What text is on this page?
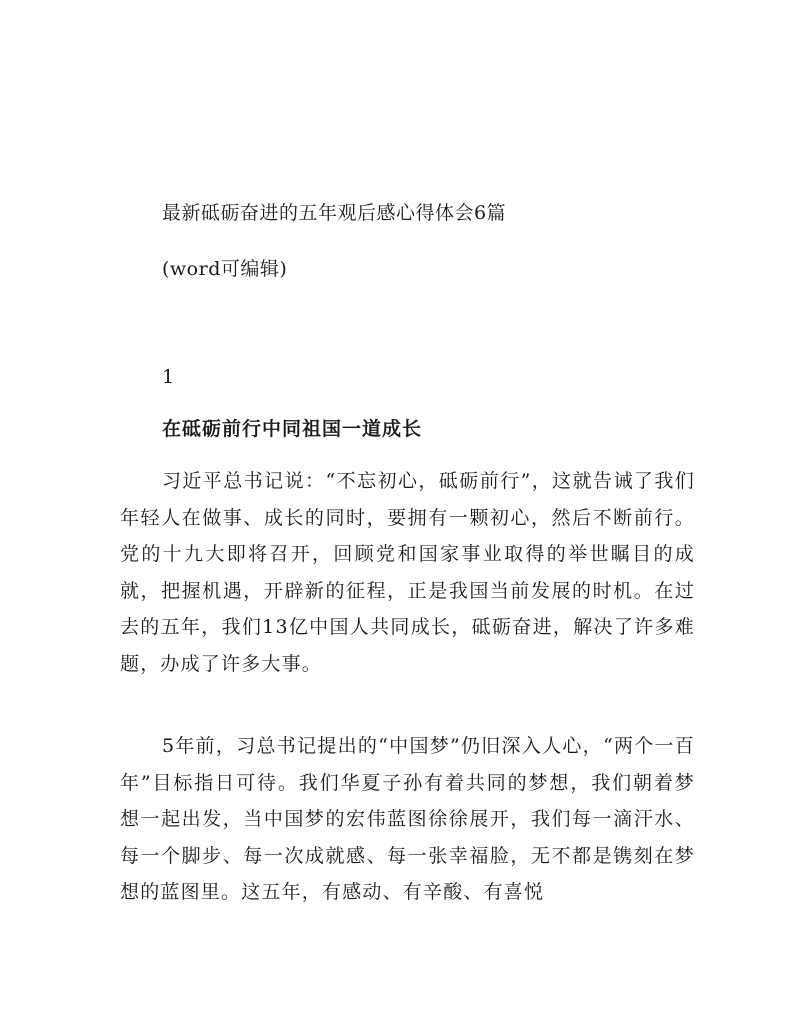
最新砥砺奋进的五年观后感心得体会6篇
(word可编辑)
1
在砥砺前行中同祖国一道成长

习近平总书记说：“不忘初心，砥砺前行”，这就告诫了我们年轻人在做事、成长的同时，要拥有一颗初心，然后不断前行。党的十九大即将召开，回顾党和国家事业取得的举世瞩目的成就，把握机遇，开辟新的征程，正是我国当前发展的时机。在过去的五年，我们13亿中国人共同成长，砥砺奋进，解决了许多难题，办成了许多大事。

5年前，习总书记提出的“中国梦”仍旧深入人心，“两个一百年”目标指日可待。我们华夏子孙有着共同的梦想，我们朝着梦想一起出发，当中国梦的宏伟蓝图徐徐展开，我们每一滴汗水、每一个脚步、每一次成就感、每一张幸福脸，无不都是镌刻在梦想的蓝图里。这五年，有感动、有辛酸、有喜悦
